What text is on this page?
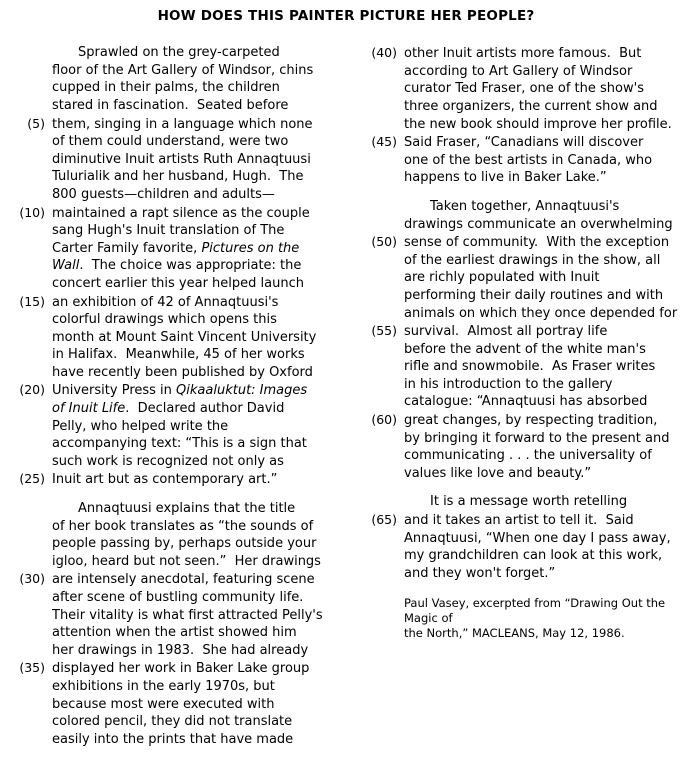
HOW DOES THIS PAINTER PICTURE HER PEOPLE?
Sprawled on the grey-carpeted
floor of the Art Gallery of Windsor, chins
cupped in their palms, the children
stared in fascination.  Seated before
(5) them, singing in a language which none
of them could understand, were two
diminutive Inuit artists Ruth Annaqtuusi
Tulurialik and her husband, Hugh.  The
800 guests—children and adults—
(10) maintained a rapt silence as the couple
sang Hugh's Inuit translation of The
Carter Family favorite, Pictures on the
Wall.  The choice was appropriate: the
concert earlier this year helped launch
(15) an exhibition of 42 of Annaqtuusi's
colorful drawings which opens this
month at Mount Saint Vincent University
in Halifax.  Meanwhile, 45 of her works
have recently been published by Oxford
(20) University Press in Qikaaluktut: Images
of Inuit Life.  Declared author David
Pelly, who helped write the
accompanying text: “This is a sign that
such work is recognized not only as
(25) Inuit art but as contemporary art.”
Annaqtuusi explains that the title
of her book translates as “the sounds of
people passing by, perhaps outside your
igloo, heard but not seen.”  Her drawings
(30) are intensely anecdotal, featuring scene
after scene of bustling community life.
Their vitality is what first attracted Pelly's
attention when the artist showed him
her drawings in 1983.  She had already
(35) displayed her work in Baker Lake group
exhibitions in the early 1970s, but
because most were executed with
colored pencil, they did not translate
easily into the prints that have made
(40) other Inuit artists more famous.  But
according to Art Gallery of Windsor
curator Ted Fraser, one of the show's
three organizers, the current show and
the new book should improve her profile.
(45) Said Fraser, “Canadians will discover
one of the best artists in Canada, who
happens to live in Baker Lake.”
Taken together, Annaqtuusi's
drawings communicate an overwhelming
(50) sense of community.  With the exception
of the earliest drawings in the show, all
are richly populated with Inuit
performing their daily routines and with
animals on which they once depended for
(55) survival.  Almost all portray life
before the advent of the white man's
rifle and snowmobile.  As Fraser writes
in his introduction to the gallery
catalogue: “Annaqtuusi has absorbed
(60) great changes, by respecting tradition,
by bringing it forward to the present and
communicating . . . the universality of
values like love and beauty.”
It is a message worth retelling
(65) and it takes an artist to tell it.  Said
Annaqtuusi, “When one day I pass away,
my grandchildren can look at this work,
and they won't forget.”
Paul Vasey, excerpted from “Drawing Out the Magic of
the North,” MACLEANS, May 12, 1986.
